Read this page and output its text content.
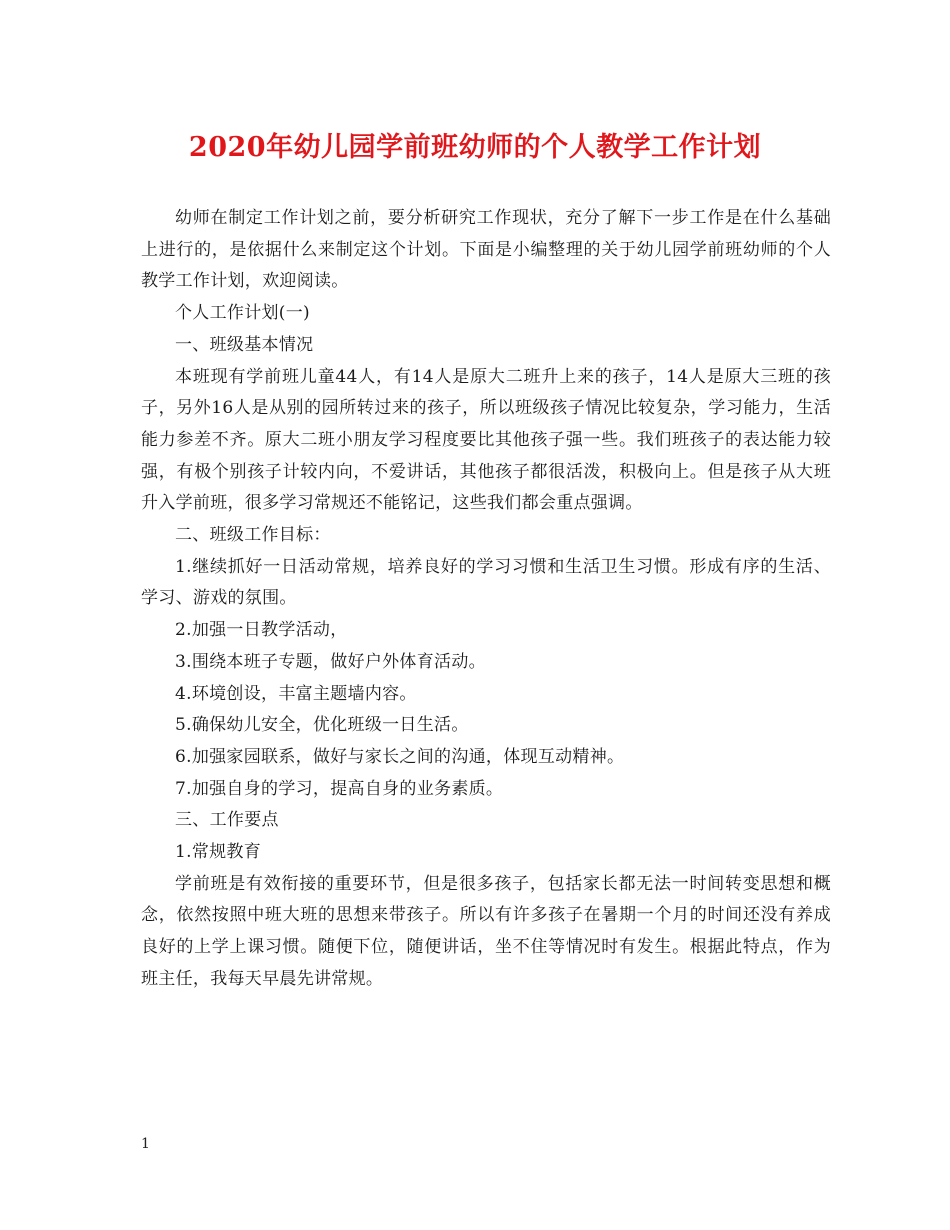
2020年幼儿园学前班幼师的个人教学工作计划

幼师在制定工作计划之前，要分析研究工作现状，充分了解下一步工作是在什么基础上进行的，是依据什么来制定这个计划。下面是小编整理的关于幼儿园学前班幼师的个人教学工作计划，欢迎阅读。

个人工作计划(一)

一、班级基本情况

本班现有学前班儿童44人，有14人是原大二班升上来的孩子，14人是原大三班的孩子，另外16人是从别的园所转过来的孩子，所以班级孩子情况比较复杂，学习能力，生活能力参差不齐。原大二班小朋友学习程度要比其他孩子强一些。我们班孩子的表达能力较强，有极个别孩子计较内向，不爱讲话，其他孩子都很活泼，积极向上。但是孩子从大班升入学前班，很多学习常规还不能铭记，这些我们都会重点强调。

二、班级工作目标：

1.继续抓好一日活动常规，培养良好的学习习惯和生活卫生习惯。形成有序的生活、学习、游戏的氛围。

2.加强一日教学活动，

3.围绕本班子专题，做好户外体育活动。

4.环境创设，丰富主题墙内容。

5.确保幼儿安全，优化班级一日生活。

6.加强家园联系，做好与家长之间的沟通，体现互动精神。

7.加强自身的学习，提高自身的业务素质。

三、工作要点

1.常规教育

学前班是有效衔接的重要环节，但是很多孩子，包括家长都无法一时间转变思想和概念，依然按照中班大班的思想来带孩子。所以有许多孩子在暑期一个月的时间还没有养成良好的上学上课习惯。随便下位，随便讲话，坐不住等情况时有发生。根据此特点，作为班主任，我每天早晨先讲常规。

1
